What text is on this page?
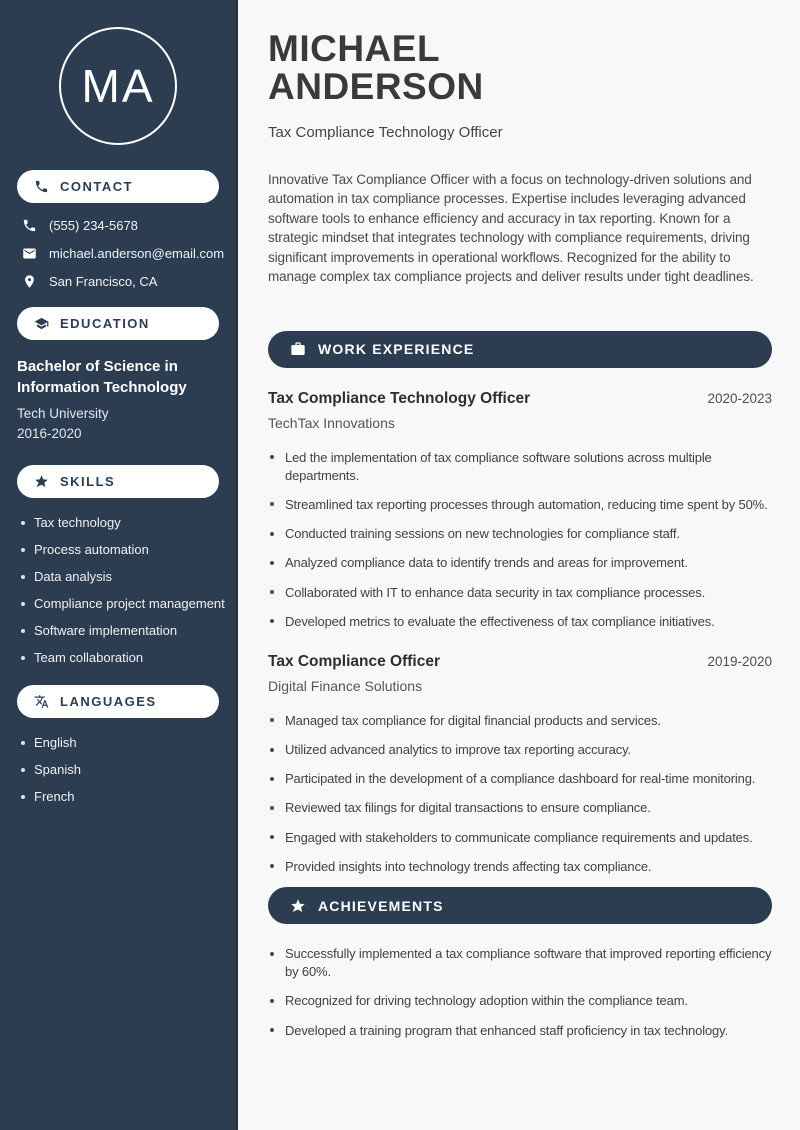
MA
CONTACT
(555) 234-5678
michael.anderson@email.com
San Francisco, CA
EDUCATION
Bachelor of Science in Information Technology
Tech University
2016-2020
SKILLS
Tax technology
Process automation
Data analysis
Compliance project management
Software implementation
Team collaboration
LANGUAGES
English
Spanish
French
MICHAEL
ANDERSON
Tax Compliance Technology Officer

Innovative Tax Compliance Officer with a focus on technology-driven solutions and automation in tax compliance processes. Expertise includes leveraging advanced software tools to enhance efficiency and accuracy in tax reporting. Known for a strategic mindset that integrates technology with compliance requirements, driving significant improvements in operational workflows. Recognized for the ability to manage complex tax compliance projects and deliver results under tight deadlines.

WORK EXPERIENCE
Tax Compliance Technology Officer	2020-2023
TechTax Innovations
Led the implementation of tax compliance software solutions across multiple departments.
Streamlined tax reporting processes through automation, reducing time spent by 50%.
Conducted training sessions on new technologies for compliance staff.
Analyzed compliance data to identify trends and areas for improvement.
Collaborated with IT to enhance data security in tax compliance processes.
Developed metrics to evaluate the effectiveness of tax compliance initiatives.
Tax Compliance Officer	2019-2020
Digital Finance Solutions
Managed tax compliance for digital financial products and services.
Utilized advanced analytics to improve tax reporting accuracy.
Participated in the development of a compliance dashboard for real-time monitoring.
Reviewed tax filings for digital transactions to ensure compliance.
Engaged with stakeholders to communicate compliance requirements and updates.
Provided insights into technology trends affecting tax compliance.
ACHIEVEMENTS
Successfully implemented a tax compliance software that improved reporting efficiency by 60%.
Recognized for driving technology adoption within the compliance team.
Developed a training program that enhanced staff proficiency in tax technology.
